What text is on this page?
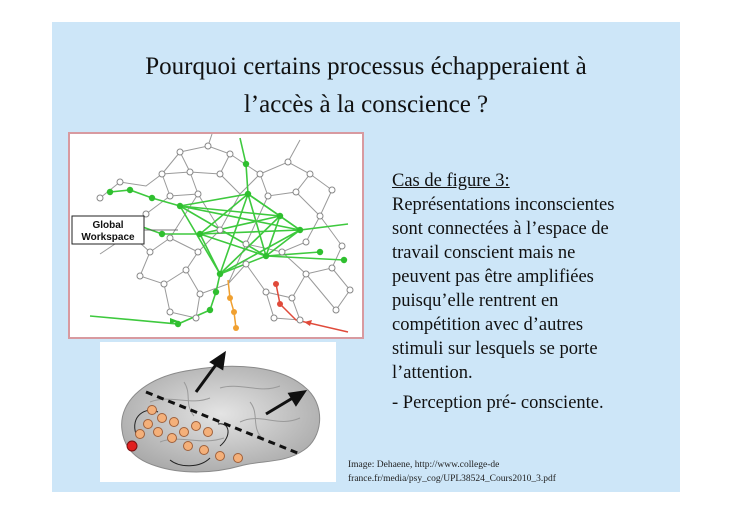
Pourquoi certains processus échapperaient à
l’accès à la conscience ?
Global
Workspace
Cas de figure 3:
Représentations inconscientes
sont connectées à l’espace de
travail conscient mais ne
peuvent pas être amplifiées
puisqu’elle rentrent en
compétition avec d’autres
stimuli sur lesquels se porte
l’attention.
- Perception pré- consciente.
Image: Dehaene, http://www.college-de
france.fr/media/psy_cog/UPL38524_Cours2010_3.pdf
